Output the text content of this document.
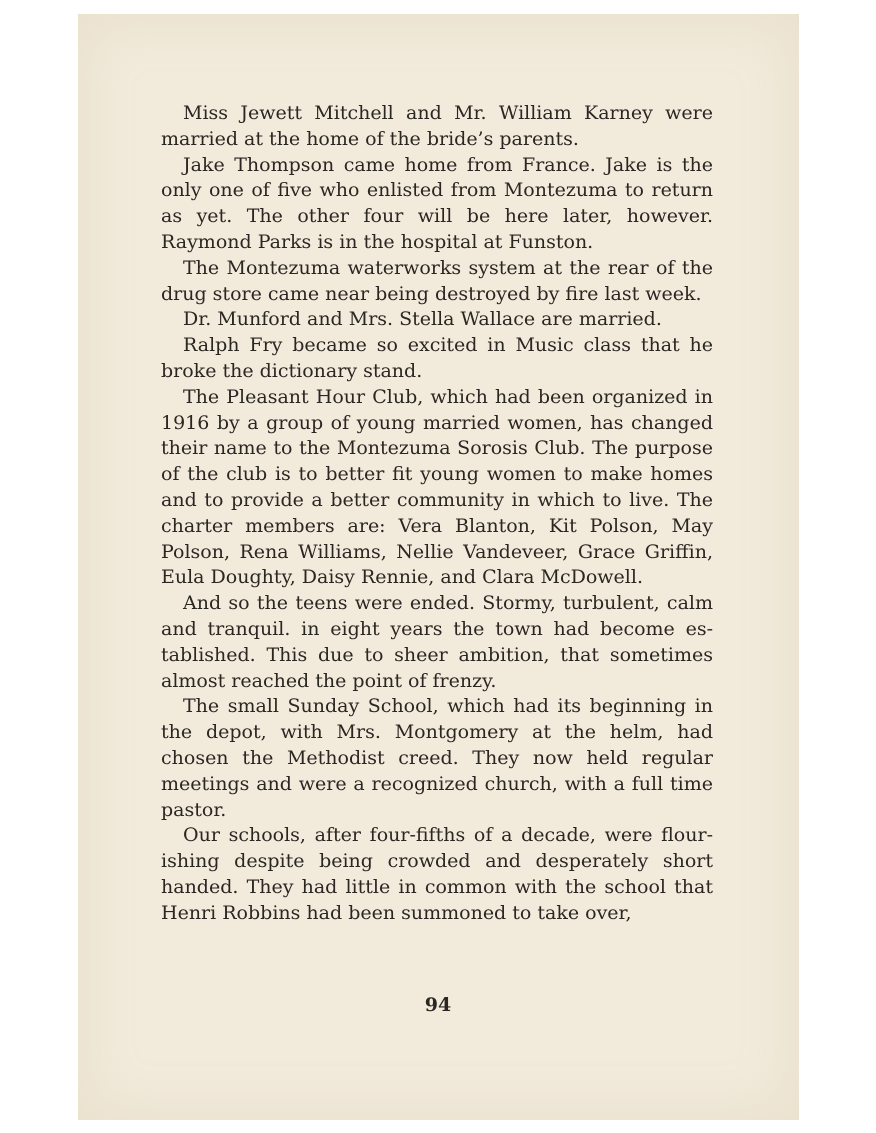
Miss Jewett Mitchell and Mr. William Karney were married at the home of the bride’s parents.

Jake Thompson came home from France. Jake is the only one of five who enlisted from Montezuma to return as yet. The other four will be here later, however. Raymond Parks is in the hospital at Funston.

The Montezuma waterworks system at the rear of the drug store came near being destroyed by fire last week.

Dr. Munford and Mrs. Stella Wallace are married.

Ralph Fry became so excited in Music class that he broke the dictionary stand.

The Pleasant Hour Club, which had been organized in 1916 by a group of young married women, has changed their name to the Montezuma Sorosis Club. The purpose of the club is to better fit young women to make homes and to provide a better community in which to live. The charter members are: Vera Blanton, Kit Polson, May Polson, Rena Williams, Nellie Vandeveer, Grace Griffin, Eula Doughty, Daisy Rennie, and Clara McDowell.

And so the teens were ended. Stormy, turbulent, calm and tranquil. in eight years the town had become established. This due to sheer ambition, that sometimes almost reached the point of frenzy.

The small Sunday School, which had its beginning in the depot, with Mrs. Montgomery at the helm, had chosen the Methodist creed. They now held regular meetings and were a recognized church, with a full time pastor.

Our schools, after four-fifths of a decade, were flourishing despite being crowded and desperately short handed. They had little in common with the school that Henri Robbins had been summoned to take over,

94
